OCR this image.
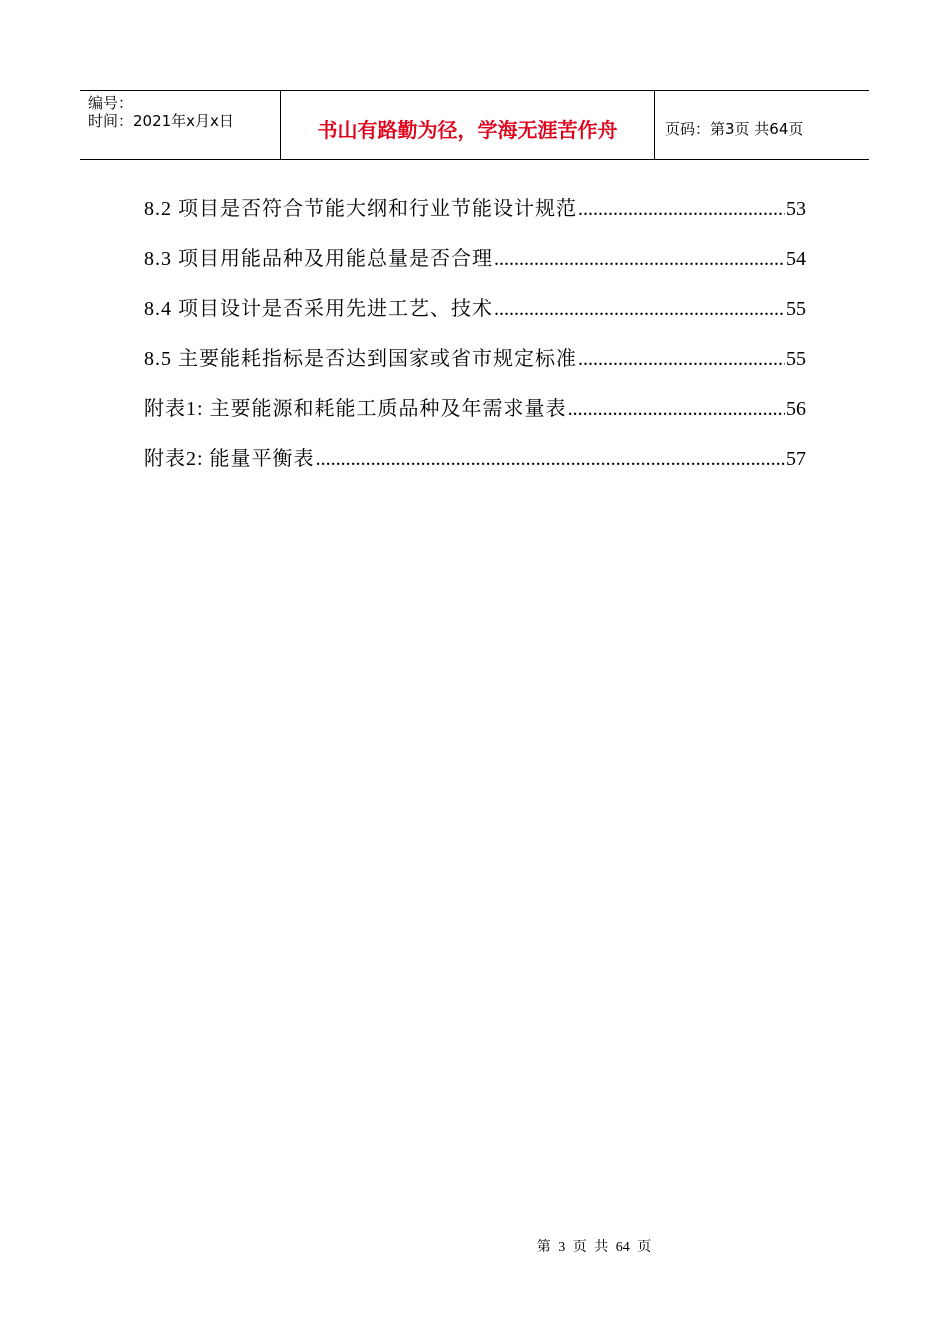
编号：
时间：2021年x月x日	书山有路勤为径，学海无涯苦作舟	页码：第3页 共64页
8.2 项目是否符合节能大纲和行业节能设计规范 .....	53
8.3 项目用能品种及用能总量是否合理 .....	54
8.4 项目设计是否采用先进工艺、技术 .....	55
8.5 主要能耗指标是否达到国家或省市规定标准 .....	55
附表1: 主要能源和耗能工质品种及年需求量表 .....	56
附表2: 能量平衡表 .....	57
第 3 页 共 64 页
